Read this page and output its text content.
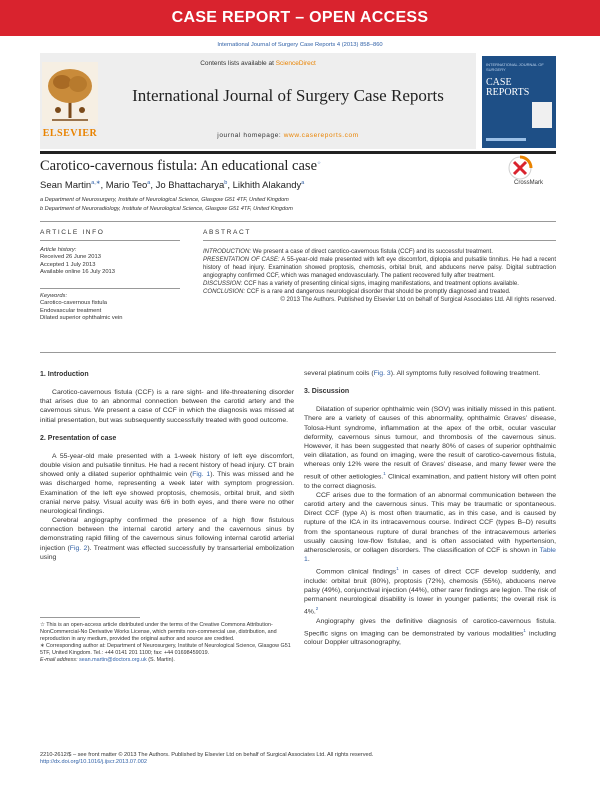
CASE REPORT – OPEN ACCESS
International Journal of Surgery Case Reports 4 (2013) 858–860
Contents lists available at ScienceDirect
ELSEVIER
International Journal of Surgery Case Reports
journal homepage: www.casereports.com
INTERNATIONAL JOURNAL OF SURGERY
CASE
REPORTS
Carotico-cavernous fistula: An educational case☆
CrossMark
Sean Martin$^{a,∗}$, Mario Teo$^a$, Jo Bhattacharya$^b$, Likhith Alakandy$^a$
a Department of Neurosurgery, Institute of Neurological Science, Glasgow G51 4TF, United Kingdom
b Department of Neuroradiology, Institute of Neurological Science, Glasgow G51 4TF, United Kingdom
ARTICLE INFO	ABSTRACT
Article history:
Received 26 June 2013
Accepted 1 July 2013
Available online 16 July 2013
Keywords:
Carotico-cavernous fistula
Endovascular treatment
Dilated superior ophthalmic vein

INTRODUCTION: We present a case of direct carotico-cavernous fistula (CCF) and its successful treatment.

PRESENTATION OF CASE: A 55-year-old male presented with left eye discomfort, diplopia and pulsatile tinnitus. He had a recent history of head injury. Examination showed proptosis, chemosis, orbital bruit, and abducens nerve palsy. Digital subtraction angiography confirmed CCF, which was managed endovascularly. The patient recovered fully after treatment.

DISCUSSION: CCF has a variety of presenting clinical signs, imaging manifestations, and treatment options available.

CONCLUSION: CCF is a rare and dangerous neurological disorder that should be promptly diagnosed and treated.

© 2013 The Authors. Published by Elsevier Ltd on behalf of Surgical Associates Ltd. All rights reserved.

1. Introduction

Carotico-cavernous fistula (CCF) is a rare sight- and life-threatening disorder that arises due to an abnormal connection between the carotid artery and the cavernous sinus. We present a case of CCF in which the diagnosis was missed at initial presentation, but was subsequently successfully treated with good outcome.

2. Presentation of case

A 55-year-old male presented with a 1-week history of left eye discomfort, double vision and pulsatile tinnitus. He had a recent history of head injury. CT brain showed only a dilated superior ophthalmic vein (Fig. 1). This was missed and he was discharged home, representing a week later with symptom progression. Examination of the left eye showed proptosis, chemosis, orbital bruit, and sixth cranial nerve palsy. Visual acuity was 6/6 in both eyes, and there were no other neurological findings.

Cerebral angiography confirmed the presence of a high flow fistulous connection between the internal carotid artery and the cavernous sinus by demonstrating rapid filling of the cavernous sinus following internal carotid arterial injection (Fig. 2). Treatment was effected successfully by transarterial embolization using

several platinum coils (Fig. 3). All symptoms fully resolved following treatment.

3. Discussion

Dilatation of superior ophthalmic vein (SOV) was initially missed in this patient. There are a variety of causes of this abnormality, ophthalmic Graves’ disease, Tolosa-Hunt syndrome, inflammation at the apex of the orbit, ocular vascular deformity, cavernous sinus tumour, and thrombosis of the cavernous sinus. However, it has been suggested that nearly 80% of cases of superior ophthalmic vein dilatation, as found on imaging, were the result of carotico-cavernous fistula, whereas only 12% were the result of Graves’ disease, and many fewer were the result of other aetiologies.$^1$ Clinical examination, and patient history will often point to the correct diagnosis.

CCF arises due to the formation of an abnormal communication between the carotid artery and the cavernous sinus. This may be traumatic or spontaneous. Direct CCF (type A) is most often traumatic, as in this case, and is caused by rupture of the ICA in its intracavernous course. Indirect CCF (types B–D) results from the spontaneous rupture of dural branches of the intracavernous arteries usually causing low-flow fistulae, and is often associated with hypertension, atherosclerosis, or collagen disorders. The classification of CCF is shown in Table 1.

Common clinical findings$^1$ in cases of direct CCF develop suddenly, and include: orbital bruit (80%), proptosis (72%), chemosis (55%), abducens nerve palsy (49%), conjunctival injection (44%), other rarer findings are legion. The risk of permanent neurological disability is lower in younger patients; the overall risk is 4%.$^2$

Angiography gives the definitive diagnosis of carotico-cavernous fistula. Specific signs on imaging can be demonstrated by various modalities$^1$ including colour Doppler ultrasonography,

☆ This is an open-access article distributed under the terms of the Creative Commons Attribution-NonCommercial-No Derivative Works License, which permits non-commercial use, distribution, and reproduction in any medium, provided the original author and source are credited.

∗ Corresponding author at: Department of Neurosurgery, Institute of Neurological Science, Glasgow G51 5TF, United Kingdom. Tel.: +44 0141 201 1100; fax: +44 01698459019.

E-mail address: sean.martin@doctors.org.uk (S. Martin).

2210-2612/$ – see front matter © 2013 The Authors. Published by Elsevier Ltd on behalf of Surgical Associates Ltd. All rights reserved.
http://dx.doi.org/10.1016/j.ijscr.2013.07.002
